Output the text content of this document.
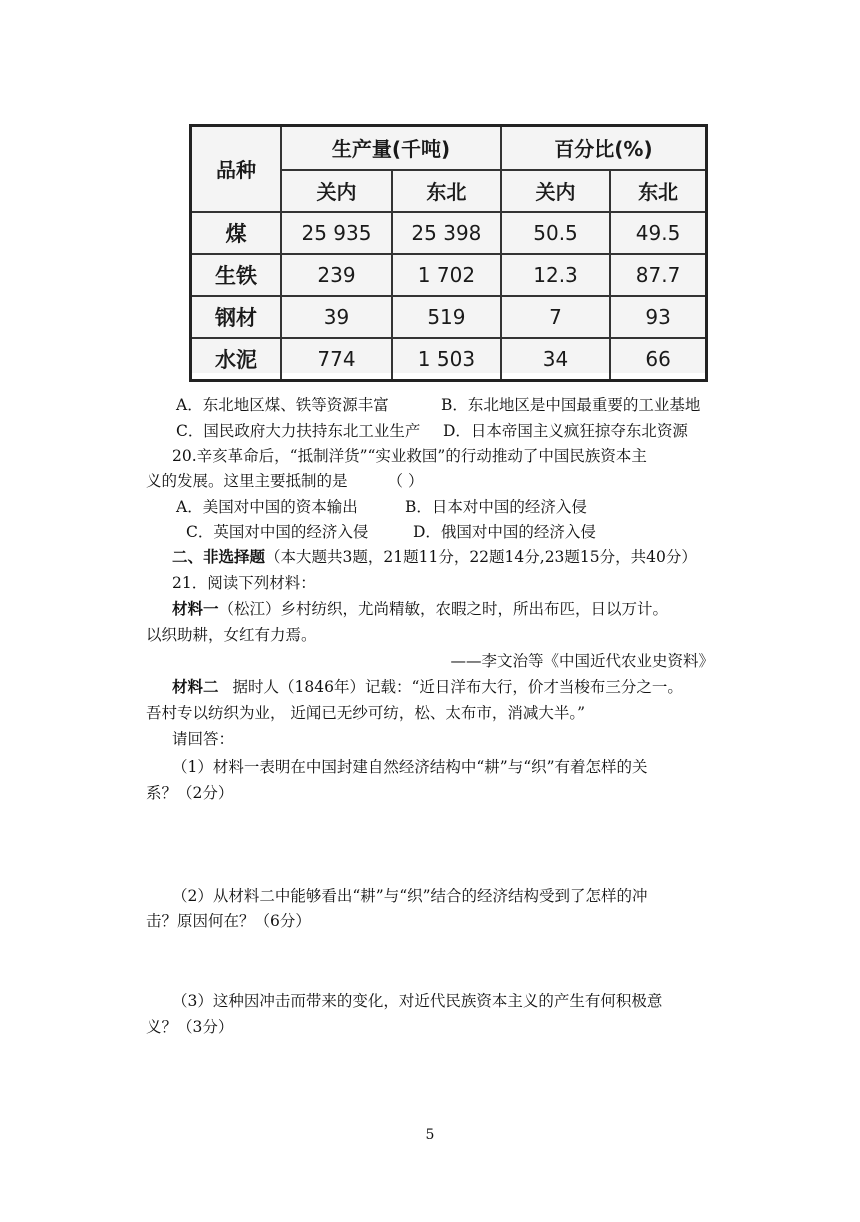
品种	生产量(千吨)		百分比(%)	
	关内	东北	关内	东北
煤	25 935	25 398	50.5	49.5
生铁	239	1 702	12.3	87.7
钢材	39	519	7	93
水泥	774	1 503	34	66
A．东北地区煤、铁等资源丰富	B．东北地区是中国最重要的工业基地
C．国民政府大力扶持东北工业生产 D．日本帝国主义疯狂掠夺东北资源
20.辛亥革命后，“抵制洋货”“实业救国”的行动推动了中国民族资本主
义的发展。这里主要抵制的是	（ ）
A．美国对中国的资本输出	B．日本对中国的经济入侵
C．英国对中国的经济入侵	D．俄国对中国的经济入侵
二、非选择题（本大题共3题，21题11分，22题14分,23题15分，共40分）
21．阅读下列材料：
材料一（松江）乡村纺织，尤尚精敏，农暇之时，所出布匹，日以万计。
以织助耕，女红有力焉。
——李文治等《中国近代农业史资料》
材料二 据时人（1846年）记载：“近日洋布大行，价才当梭布三分之一。
吾村专以纺织为业， 近闻已无纱可纺，松、太布市，消减大半。”
请回答：
（1）材料一表明在中国封建自然经济结构中“耕”与“织”有着怎样的关
系？（2分）
（2）从材料二中能够看出“耕”与“织”结合的经济结构受到了怎样的冲
击？原因何在？（6分）
（3）这种因冲击而带来的变化，对近代民族资本主义的产生有何积极意
义？（3分）
5
